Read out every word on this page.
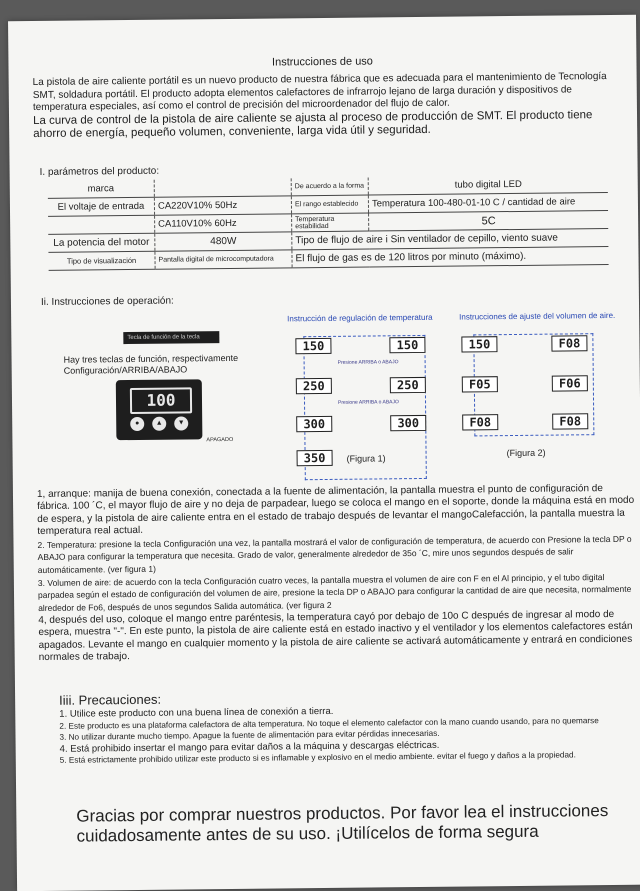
Instrucciones de uso
La pistola de aire caliente portátil es un nuevo producto de nuestra fábrica que es adecuada para el mantenimiento de Tecnología SMT, soldadura portátil. El producto adopta elementos calefactores de infrarrojo lejano de larga duración y dispositivos de temperatura especiales, así como el control de precisión del microordenador del flujo de calor.
La curva de control de la pistola de aire caliente se ajusta al proceso de producción de SMT. El producto tiene ahorro de energía, pequeño volumen, conveniente, larga vida útil y seguridad.
I. parámetros del producto:
marca		De acuerdo a la forma	tubo digital LED
El voltaje de entrada	CA220V10% 50Hz	El rango establecido	Temperatura 100-480-01-10 C / cantidad de aire
	CA110V10% 60Hz	Temperatura estabilidad	5C
La potencia del motor	480W	Tipo de flujo de aire i Sin ventilador de cepillo, viento suave	
Tipo de visualización	Pantalla digital de microcomputadora	El flujo de gas es de 120 litros por minuto (máximo).	
Ii. Instrucciones de operación:
Tecla de función de la tecla
Hay tres teclas de función, respectivamente Configuración/ARRIBA/ABAJO
100
●	▲	▼
APAGADO
Instrucción de regulación de temperatura
150	150
Presione ARRIBA o ABAJO
250	250
Presione ARRIBA o ABAJO
300	300
350	(Figura 1)
Instrucciones de ajuste del volumen de aire.
150	F08
F05	F06
F08	F08
(Figura 2)

1, arranque: manija de buena conexión, conectada a la fuente de alimentación, la pantalla muestra el punto de configuración de fábrica. 100 ´C, el mayor flujo de aire y no deja de parpadear, luego se coloca el mango en el soporte, donde la máquina está en modo de espera, y la pistola de aire caliente entra en el estado de trabajo después de levantar el mangoCalefacción, la pantalla muestra la temperatura real actual.

2. Temperatura: presione la tecla Configuración una vez, la pantalla mostrará el valor de configuración de temperatura, de acuerdo con Presione la tecla DP o ABAJO para configurar la temperatura que necesita. Grado de valor, generalmente alrededor de 35o ´C, mire unos segundos después de salir automáticamente. (ver figura 1)

3. Volumen de aire: de acuerdo con la tecla Configuración cuatro veces, la pantalla muestra el volumen de aire con F en el Al principio, y el tubo digital parpadea según el estado de configuración del volumen de aire, presione la tecla DP o ABAJO para configurar la cantidad de aire que necesita, normalmente alrededor de Fo6, después de unos segundos Salida automática. (ver figura 2

4, después del uso, coloque el mango entre paréntesis, la temperatura cayó por debajo de 10o C después de ingresar al modo de espera, muestra "-". En este punto, la pistola de aire caliente está en estado inactivo y el ventilador y los elementos calefactores están apagados. Levante el mango en cualquier momento y la pistola de aire caliente se activará automáticamente y entrará en condiciones normales de trabajo.

Iiii. Precauciones:

1. Utilice este producto con una buena línea de conexión a tierra.

2. Este producto es una plataforma calefactora de alta temperatura. No toque el elemento calefactor con la mano cuando usando, para no quemarse

3. No utilizar durante mucho tiempo. Apague la fuente de alimentación para evitar pérdidas innecesarias.

4. Está prohibido insertar el mango para evitar daños a la máquina y descargas eléctricas.

5. Está estrictamente prohibido utilizar este producto si es inflamable y explosivo en el medio ambiente. evitar el fuego y daños a la propiedad.

Gracias por comprar nuestros productos. Por favor lea el instrucciones cuidadosamente antes de su uso. ¡Utilícelos de forma segura
